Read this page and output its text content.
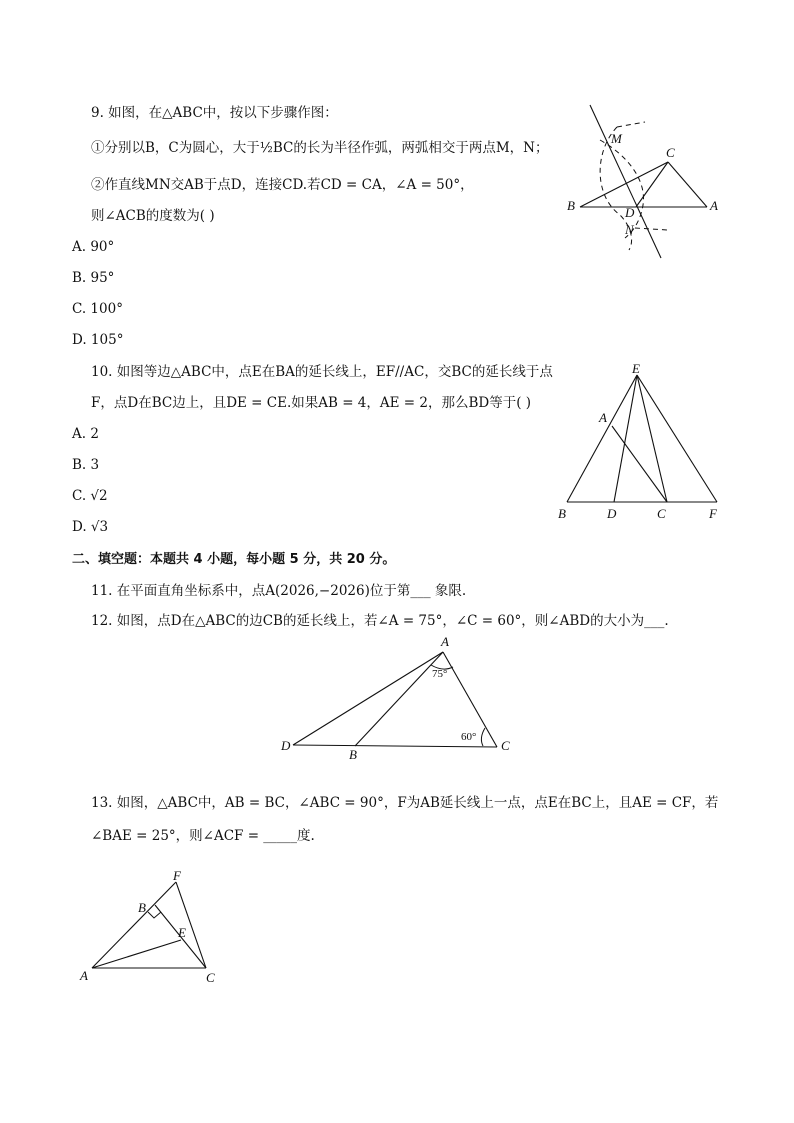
9. 如图，在△ABC中，按以下步骤作图：
①分别以B，C为圆心，大于½BC的长为半径作弧，两弧相交于两点M，N；
②作直线MN交AB于点D，连接CD.若CD = CA，∠A = 50°，
则∠ACB的度数为( )
A. 90°
B. 95°
C. 100°
D. 105°
M
C
B	D	A
N
10. 如图等边△ABC中，点E在BA的延长线上，EF//AC，交BC的延长线于点
F，点D在BC边上，且DE = CE.如果AB = 4，AE = 2，那么BD等于( )
A. 2
B. 3
C. √2
D. √3
E
A
B	D	C	F
二、填空题：本题共 4 小题，每小题 5 分，共 20 分。
11. 在平面直角坐标系中，点A(2026,−2026)位于第___ 象限.
12. 如图，点D在△ABC的边CB的延长线上，若∠A = 75°，∠C = 60°，则∠ABD的大小为___.
A
75°
60°
D
B
C
13. 如图，△ABC中，AB = BC，∠ABC = 90°，F为AB延长线上一点，点E在BC上，且AE = CF，若
∠BAE = 25°，则∠ACF = _____度.
F
B
E
A	C
